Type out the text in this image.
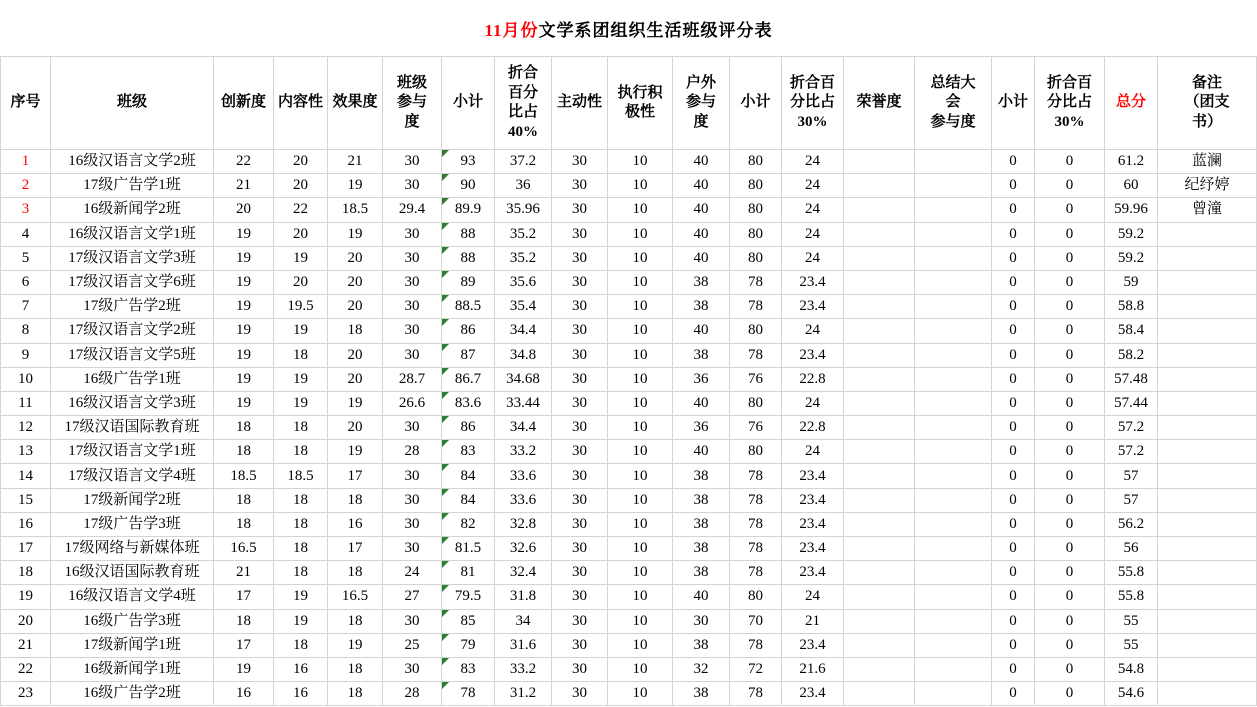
11月份 文学系团组织生活班级评分表
序号	班级	创新度	内容性	效果度	班级
参与
度	小计	折合
百分
比占
40%	主动性	执行积
极性	户外
参与
度	小计	折合百
分比占
30%	荣誉度	总结大
会
参与度	小计	折合百
分比占
30%	总分	备注
（团支
书）
1	16级汉语言文学2班	22	20	21	30	93	37.2	30	10	40	80	24			0	0	61.2	蓝澜
2	17级广告学1班	21	20	19	30	90	36	30	10	40	80	24			0	0	60	纪纾婷
3	16级新闻学2班	20	22	18.5	29.4	89.9	35.96	30	10	40	80	24			0	0	59.96	曾潼
4	16级汉语言文学1班	19	20	19	30	88	35.2	30	10	40	80	24			0	0	59.2	
5	17级汉语言文学3班	19	19	20	30	88	35.2	30	10	40	80	24			0	0	59.2	
6	17级汉语言文学6班	19	20	20	30	89	35.6	30	10	38	78	23.4			0	0	59	
7	17级广告学2班	19	19.5	20	30	88.5	35.4	30	10	38	78	23.4			0	0	58.8	
8	17级汉语言文学2班	19	19	18	30	86	34.4	30	10	40	80	24			0	0	58.4	
9	17级汉语言文学5班	19	18	20	30	87	34.8	30	10	38	78	23.4			0	0	58.2	
10	16级广告学1班	19	19	20	28.7	86.7	34.68	30	10	36	76	22.8			0	0	57.48	
11	16级汉语言文学3班	19	19	19	26.6	83.6	33.44	30	10	40	80	24			0	0	57.44	
12	17级汉语国际教育班	18	18	20	30	86	34.4	30	10	36	76	22.8			0	0	57.2	
13	17级汉语言文学1班	18	18	19	28	83	33.2	30	10	40	80	24			0	0	57.2	
14	17级汉语言文学4班	18.5	18.5	17	30	84	33.6	30	10	38	78	23.4			0	0	57	
15	17级新闻学2班	18	18	18	30	84	33.6	30	10	38	78	23.4			0	0	57	
16	17级广告学3班	18	18	16	30	82	32.8	30	10	38	78	23.4			0	0	56.2	
17	17级网络与新媒体班	16.5	18	17	30	81.5	32.6	30	10	38	78	23.4			0	0	56	
18	16级汉语国际教育班	21	18	18	24	81	32.4	30	10	38	78	23.4			0	0	55.8	
19	16级汉语言文学4班	17	19	16.5	27	79.5	31.8	30	10	40	80	24			0	0	55.8	
20	16级广告学3班	18	19	18	30	85	34	30	10	30	70	21			0	0	55	
21	17级新闻学1班	17	18	19	25	79	31.6	30	10	38	78	23.4			0	0	55	
22	16级新闻学1班	19	16	18	30	83	33.2	30	10	32	72	21.6			0	0	54.8	
23	16级广告学2班	16	16	18	28	78	31.2	30	10	38	78	23.4			0	0	54.6	
